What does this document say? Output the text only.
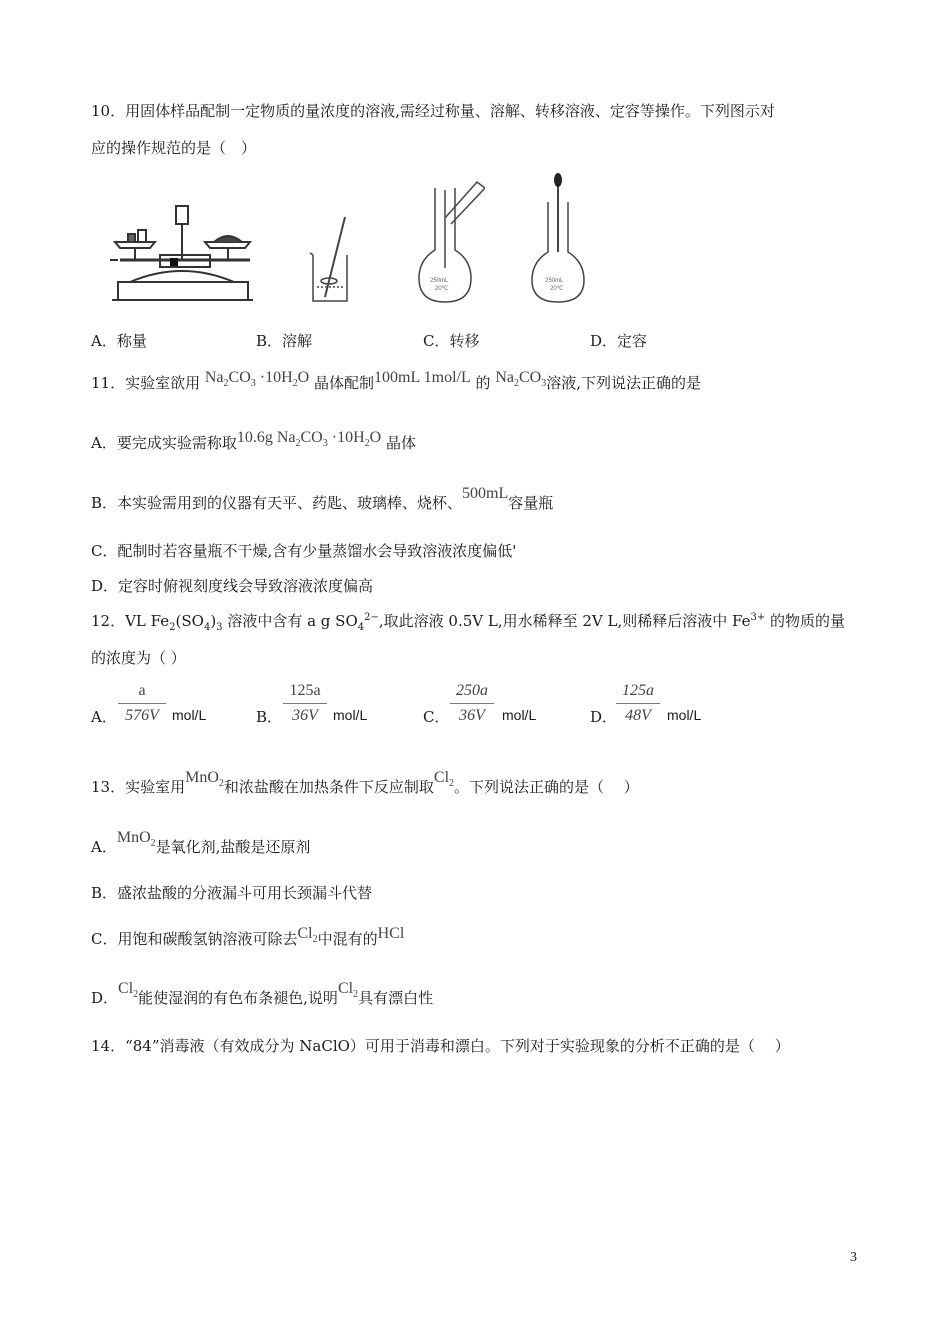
10．用固体样品配制一定物质的量浓度的溶液,需经过称量、溶解、转移溶液、定容等操作。下列图示对
应的操作规范的是（　）
250mL
20℃
250mL
20℃
A．称量	B．溶解	C．转移	D．定容
11．实验室欲用 $Na_2CO_3 \cdot 10H_2O$ 晶体配制100mL 1mol/L 的 $Na_2CO_3$溶液,下列说法正确的是
A．要完成实验需称取10.6g $Na_2CO_3 \cdot 10H_2O$ 晶体
B．本实验需用到的仪器有天平、药匙、玻璃棒、烧杯、500mL容量瓶
C．配制时若容量瓶不干燥,含有少量蒸馏水会导致溶液浓度偏低'
D．定容时俯视刻度线会导致溶液浓度偏高
12．VL $Fe_2(SO_4)_3$ 溶液中含有 a g $SO_4^{2-}$,取此溶液 0.5V L,用水稀释至 2V L,则稀释后溶液中 $Fe^{3+}$ 的物质的量
的浓度为（ ）
A．
a
576V mol/L	B．
125a
36V	mol/L	C．
250a
36V	mol/L	D．
125a
48V	mol/L
13．实验室用MnO$_2$和浓盐酸在加热条件下反应制取$Cl_2$。下列说法正确的是（　 ）
A．MnO$_2$是氧化剂,盐酸是还原剂
B．盛浓盐酸的分液漏斗可用长颈漏斗代替
C．用饱和碳酸氢钠溶液可除去$Cl_2$中混有的HCl
D．$Cl_2$能使湿润的有色布条褪色,说明$Cl_2$具有漂白性
14．“84”消毒液（有效成分为 NaClO）可用于消毒和漂白。下列对于实验现象的分析不正确的是（　 ）
3
